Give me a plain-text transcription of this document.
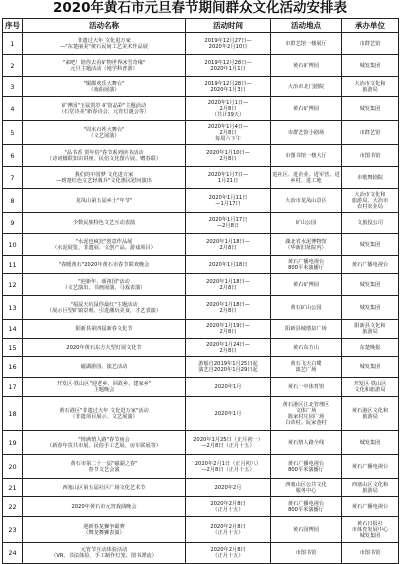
2020年黄石市元旦春节期间群众文化活动安排表
序号	活动名称	活动时间	活动地点	承办单位
1	非遗过大年 文化进万家
—"东楚丽美"黄石民间工艺美术作品展	2019年12月27日—
2020年2月10日	市群艺馆一楼展厅	市群艺馆
2	"来吧！陪你去看矿物世界冰雪奇缘"
元旦主题活动（地学科普游）	2019年12月28日—
2020年1月1日	黄石矿博园	城发集团
3	"铜都欢乐大舞台"
（戏曲展演）	2019年12月28日—
2020年1月3日	大冶市北门剧院	大冶市文化和
旅游局
4	矿博园"玉鼠贺岁 矿馆晶彩"主题活动
（石堂诗美"新春诗会、元宵灯谜会等）	2020年1月1日—
2月8日
（共计39天）	黄石矿博园	城发集团
5	"周末百姓大舞台"
（文艺展演）	2020年1月4日—
2月8日
每周六下午	市群艺馆小剧场	市群艺馆
6	"品书香 贺年俗"春节系列读书活动
（诗词楹联知识讲座、民俗文化图片展、赠春联）	2020年1月10日—
2月8日	市图书馆一楼大厅	市图书馆
7	我们的中国梦 文化进万家
—到楚红色文艺轻骑兵"文化惠民慰问演出	2020年1月7日—
1月21日	进社区、进企业、进军营、进乡村、进工地	市歌舞剧院
8	龙凤山第五届乡土"年节"	2020年1月11日
—1月17日	大冶市龙凤山景区	大冶市文化和
旅游局、大冶市
农村农业局
9	少数民族特色文艺互动表演	2020年1月17日
—2月8日	矿山公园	文旅投公司
10	"水泥也疯狂"创意作品展
（水泥展览、非遗展、文创产品、游戏项目）	2020年1月18日—
2月8日	湖北省水泥博物馆
（华新旧址院内）	城发集团
11	"春暖黄石"2020年黄石市春节联欢晚会	2020年1月18日	黄石广播电视台
800平米演播厅	黄石广播电视台
12	"迎新年、颂祖国"活动
（文艺演出、书画展演、马戏表演）	2020年1月18日—
2月8日	黄石矿博园	城发集团
13	"福鼠天坑鼠你最红"主题活动
（展示巨型矿镇景观、引进潮玩美食，才艺表演）	2020年1月18日—
2月8日	黄石矿山公园	城发集团
14	阳新县第四届新春文化节	2020年1月19日—
2月8日	阳新县城墩泉广场	阳新县文化和
旅游局
15	2020年黄石东方大型灯展文化节	2020年1月24日—
2月8日	黄石东方山	东楚晚报
16	磁湖游园、演艺活动	游船自2019年1月25日起
演艺自2020年1月29日起	黄石飞天白鹭
演艺广场	城发集团
17	开发区·铁山区"迎老乡、回故乡、建家乡"
主题晚会	2020年1月	黄石一中体育馆	开发区·铁山区
文化和旅游局
18	黄石港区"非遗过大年 文化进万家"活动
（非遗项目展示、文艺展演）	2020年1月	黄石港区江北管理区
文体广场
陈家村庄园广场
白帝村、阮家巷村	黄石港区文化和
旅游局
19	"情满情人路"春节庙会
（新春年货共市展、民俗手工艺展、房车联展等）	2020年1月25日（正月初一）
—2月8日（正月十五）	黄石情人路全线	城发集团
20	黄石市第二十一届"磁湖之春"
春节文艺会演	2020年2月1日（正月初八）
—2月8日（正月十五）	黄石广播电视台
800平米演播厅	黄石广播电视台
21	西塞山区第五届社区广场文化艺术节	2020年2月	西塞山区公共文化
服务中心	西塞山区文化和
旅游局
22	2020年黄石市元宵戏曲晚会	2020年2月8日
（正月十五）	黄石广播电视台
800平米演播厅	黄石广播电视台
23	迎新春龙狮争霸赛
（舞龙舞狮表演）	2020年2月8日
（正月十五）	黄石园博园	黄石日报社
市体育发展中心
城发集团
24	元宵节互动体验活动
（VR、书法体验、手工制作灯笼、图书漂流）	2020年2月8日
（正月十五）	市图书馆	市图书馆
